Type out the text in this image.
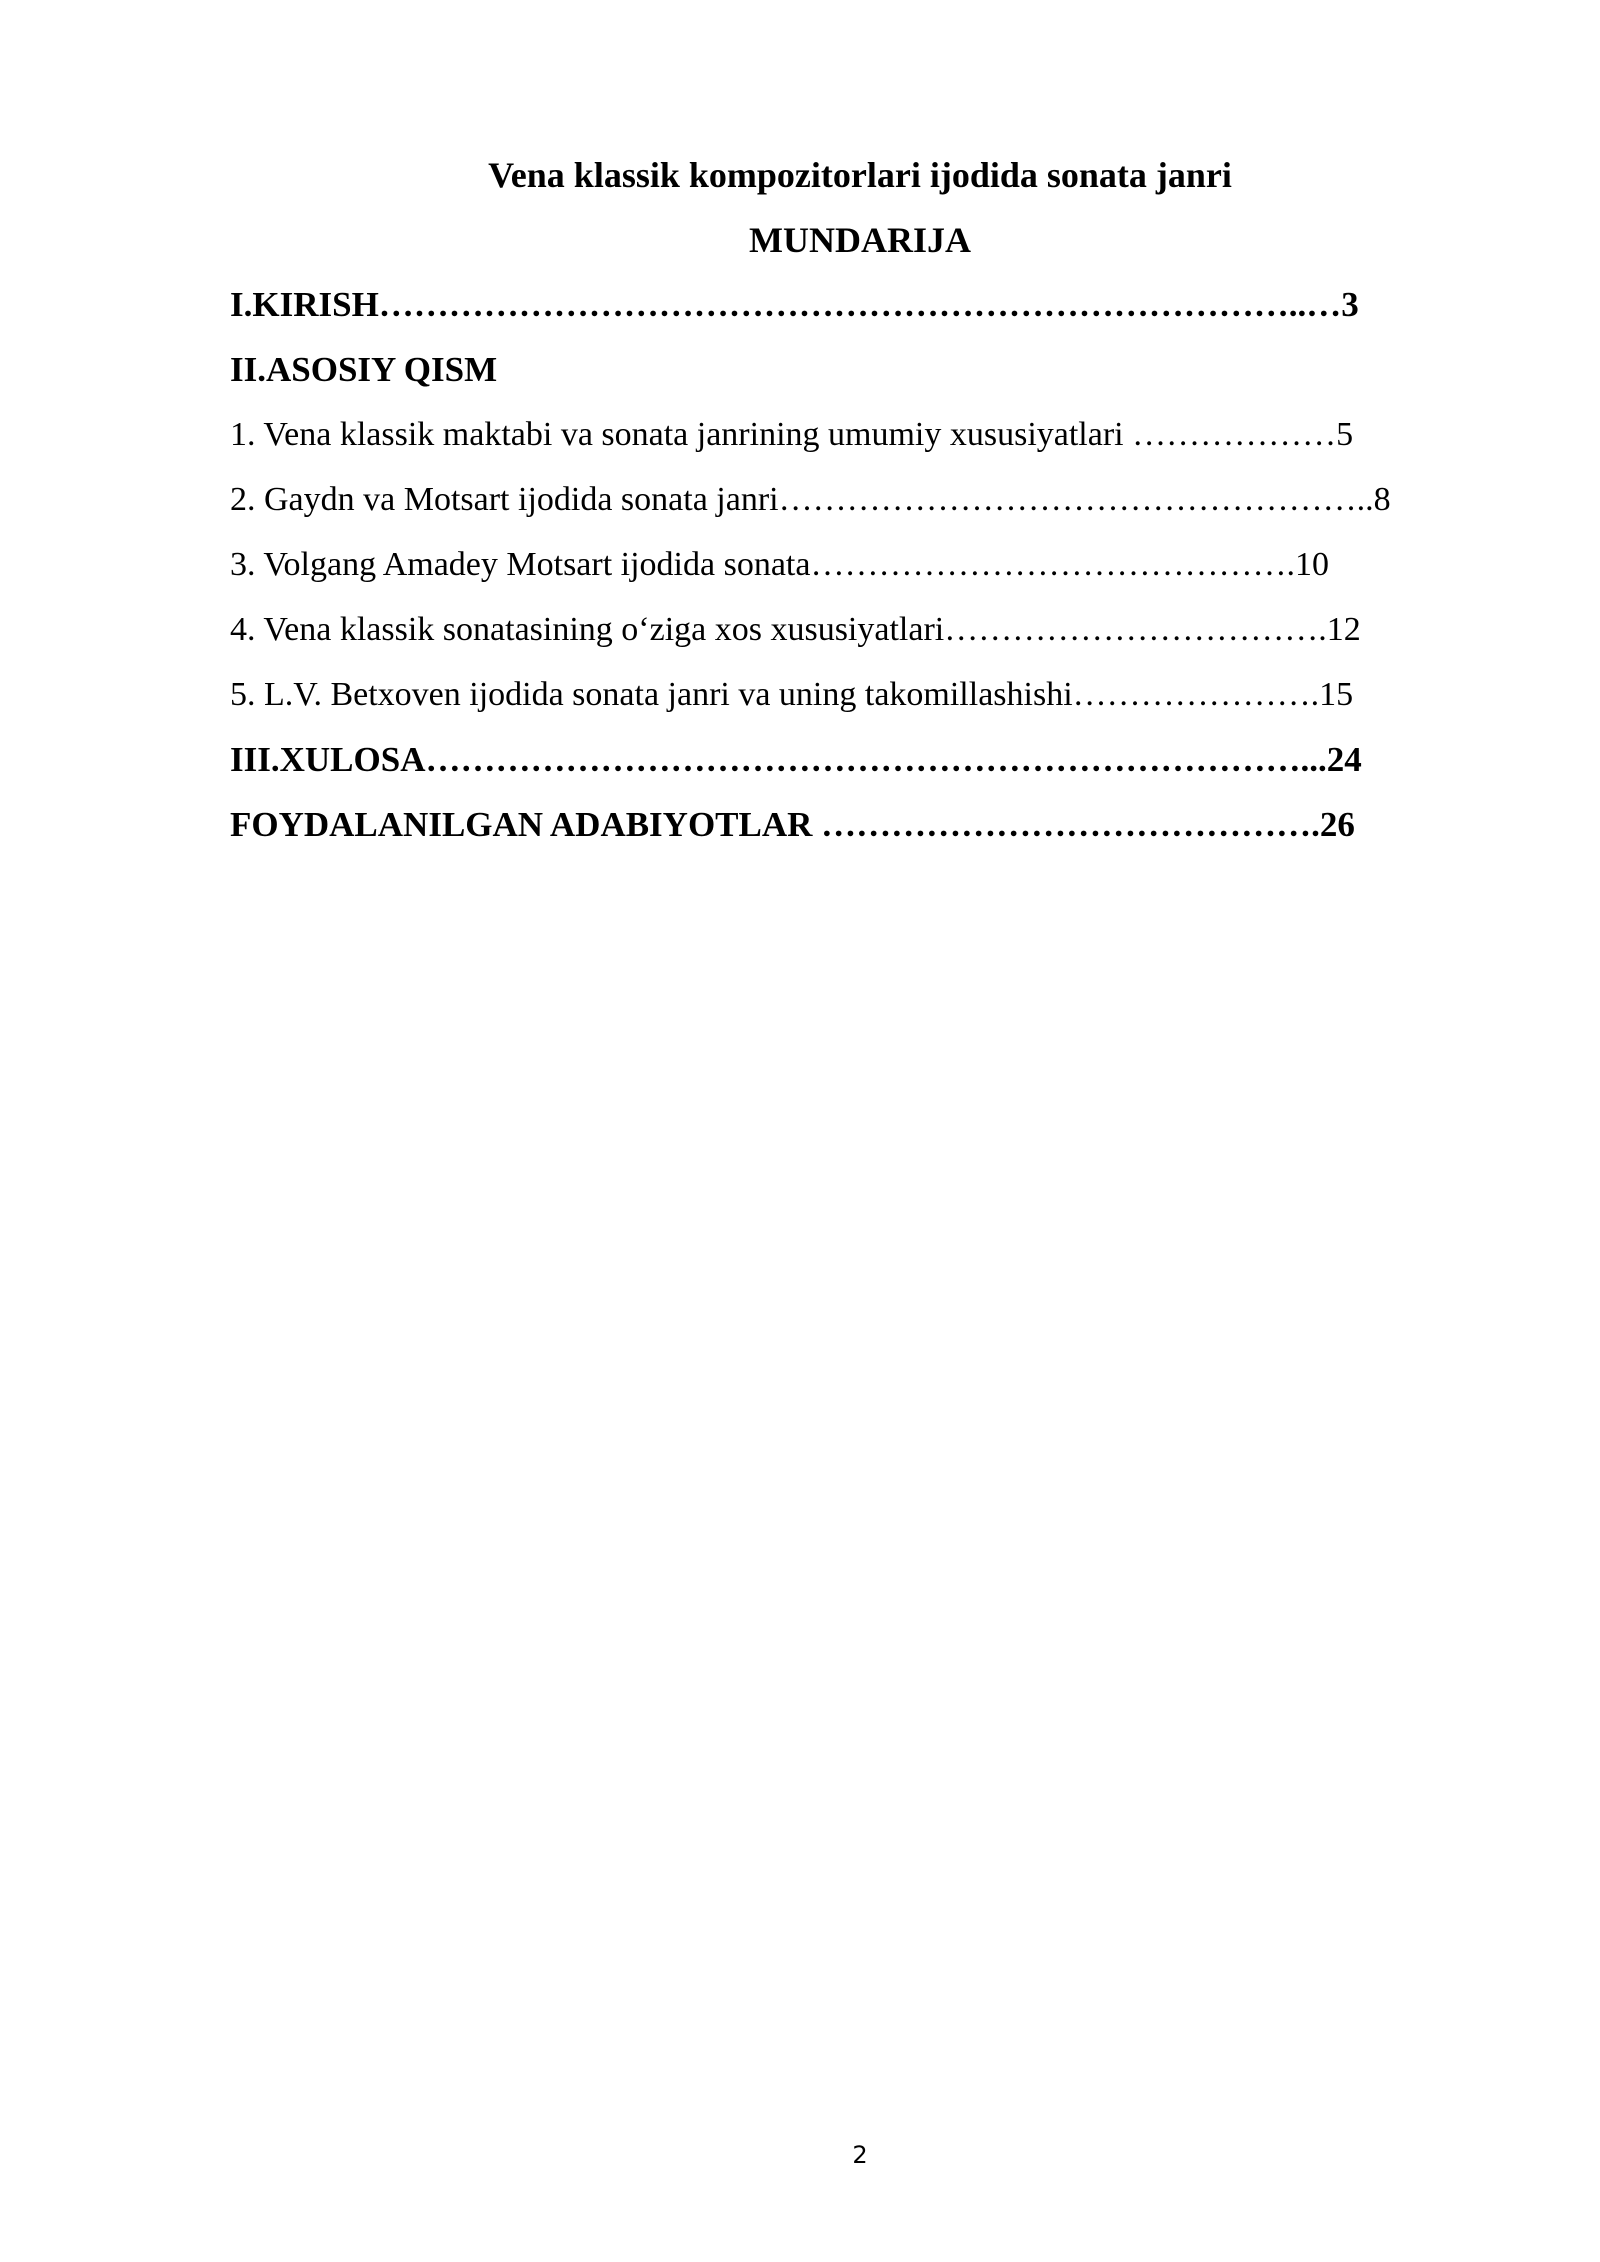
Vena klassik kompozitorlari ijodida sonata janri
MUNDARIJA
I.KIRISH……………………………………………………………………..…3
II.ASOSIY QISM
1. Vena klassik maktabi va sonata janrining umumiy xususiyatlari ………………5
2. Gaydn va Motsart ijodida sonata janri……………………………………………..8
3. Volgang Amadey Motsart ijodida sonata…………………………………….10
4. Vena klassik sonatasining o‘ziga xos xususiyatlari…………………………….12
5. L.V. Betxoven ijodida sonata janri va uning takomillashishi………………….15
III.XULOSA…………………………………………………………………...24
FOYDALANILGAN ADABIYOTLAR …………………………………….26
2
